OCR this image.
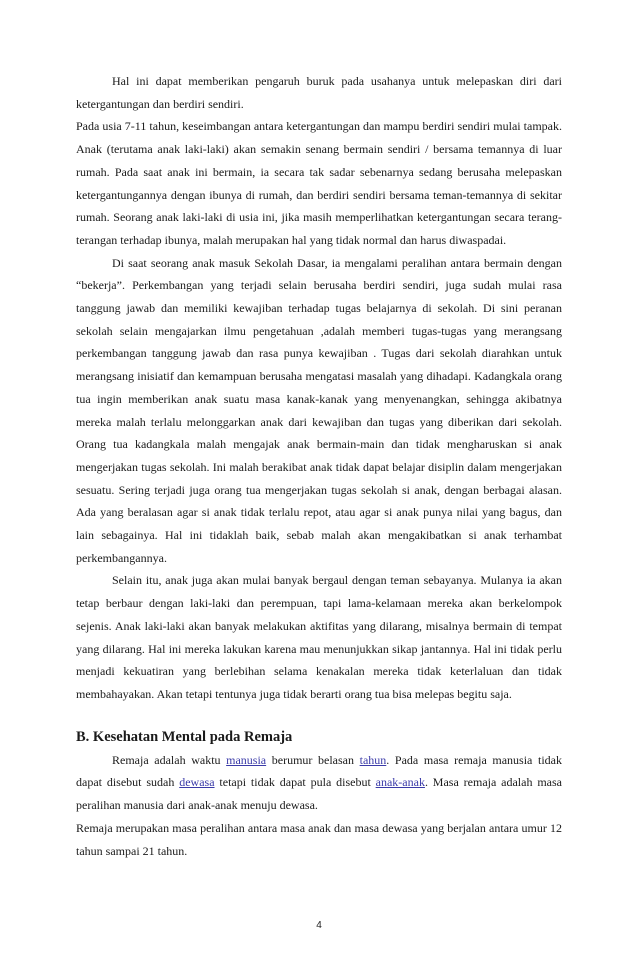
Hal ini dapat memberikan pengaruh buruk pada usahanya untuk melepaskan diri dari ketergantungan dan berdiri sendiri.

Pada usia 7-11 tahun, keseimbangan antara ketergantungan dan mampu berdiri sendiri mulai tampak. Anak (terutama anak laki-laki) akan semakin senang bermain sendiri / bersama temannya di luar rumah. Pada saat anak ini bermain, ia secara tak sadar sebenarnya sedang berusaha melepaskan ketergantungannya dengan ibunya di rumah, dan berdiri sendiri bersama teman-temannya di sekitar rumah. Seorang anak laki-laki di usia ini, jika masih memperlihatkan ketergantungan secara terang-terangan terhadap ibunya, malah merupakan hal yang tidak normal dan harus diwaspadai.

Di saat seorang anak masuk Sekolah Dasar, ia mengalami peralihan antara bermain dengan “bekerja”. Perkembangan yang terjadi selain berusaha berdiri sendiri, juga sudah mulai rasa tanggung jawab dan memiliki kewajiban terhadap tugas belajarnya di sekolah. Di sini peranan sekolah selain mengajarkan ilmu pengetahuan ,adalah memberi tugas-tugas yang merangsang perkembangan tanggung jawab dan rasa punya kewajiban . Tugas dari sekolah diarahkan untuk merangsang inisiatif dan kemampuan berusaha mengatasi masalah yang dihadapi. Kadangkala orang tua ingin memberikan anak suatu masa kanak-kanak yang menyenangkan, sehingga akibatnya mereka malah terlalu melonggarkan anak dari kewajiban dan tugas yang diberikan dari sekolah. Orang tua kadangkala malah mengajak anak bermain-main dan tidak mengharuskan si anak mengerjakan tugas sekolah. Ini malah berakibat anak tidak dapat belajar disiplin dalam mengerjakan sesuatu. Sering terjadi juga orang tua mengerjakan tugas sekolah si anak, dengan berbagai alasan. Ada yang beralasan agar si anak tidak terlalu repot, atau agar si anak punya nilai yang bagus, dan lain sebagainya. Hal ini tidaklah baik, sebab malah akan mengakibatkan si anak terhambat perkembangannya.

Selain itu, anak juga akan mulai banyak bergaul dengan teman sebayanya. Mulanya ia akan tetap berbaur dengan laki-laki dan perempuan, tapi lama-kelamaan mereka akan berkelompok sejenis. Anak laki-laki akan banyak melakukan aktifitas yang dilarang, misalnya bermain di tempat yang dilarang. Hal ini mereka lakukan karena mau menunjukkan sikap jantannya. Hal ini tidak perlu menjadi kekuatiran yang berlebihan selama kenakalan mereka tidak keterlaluan dan tidak membahayakan. Akan tetapi tentunya juga tidak berarti orang tua bisa melepas begitu saja.

B. Kesehatan Mental pada Remaja

Remaja adalah waktu manusia berumur belasan tahun. Pada masa remaja manusia tidak dapat disebut sudah dewasa tetapi tidak dapat pula disebut anak-anak. Masa remaja adalah masa peralihan manusia dari anak-anak menuju dewasa.

Remaja merupakan masa peralihan antara masa anak dan masa dewasa yang berjalan antara umur 12 tahun sampai 21 tahun.

4
